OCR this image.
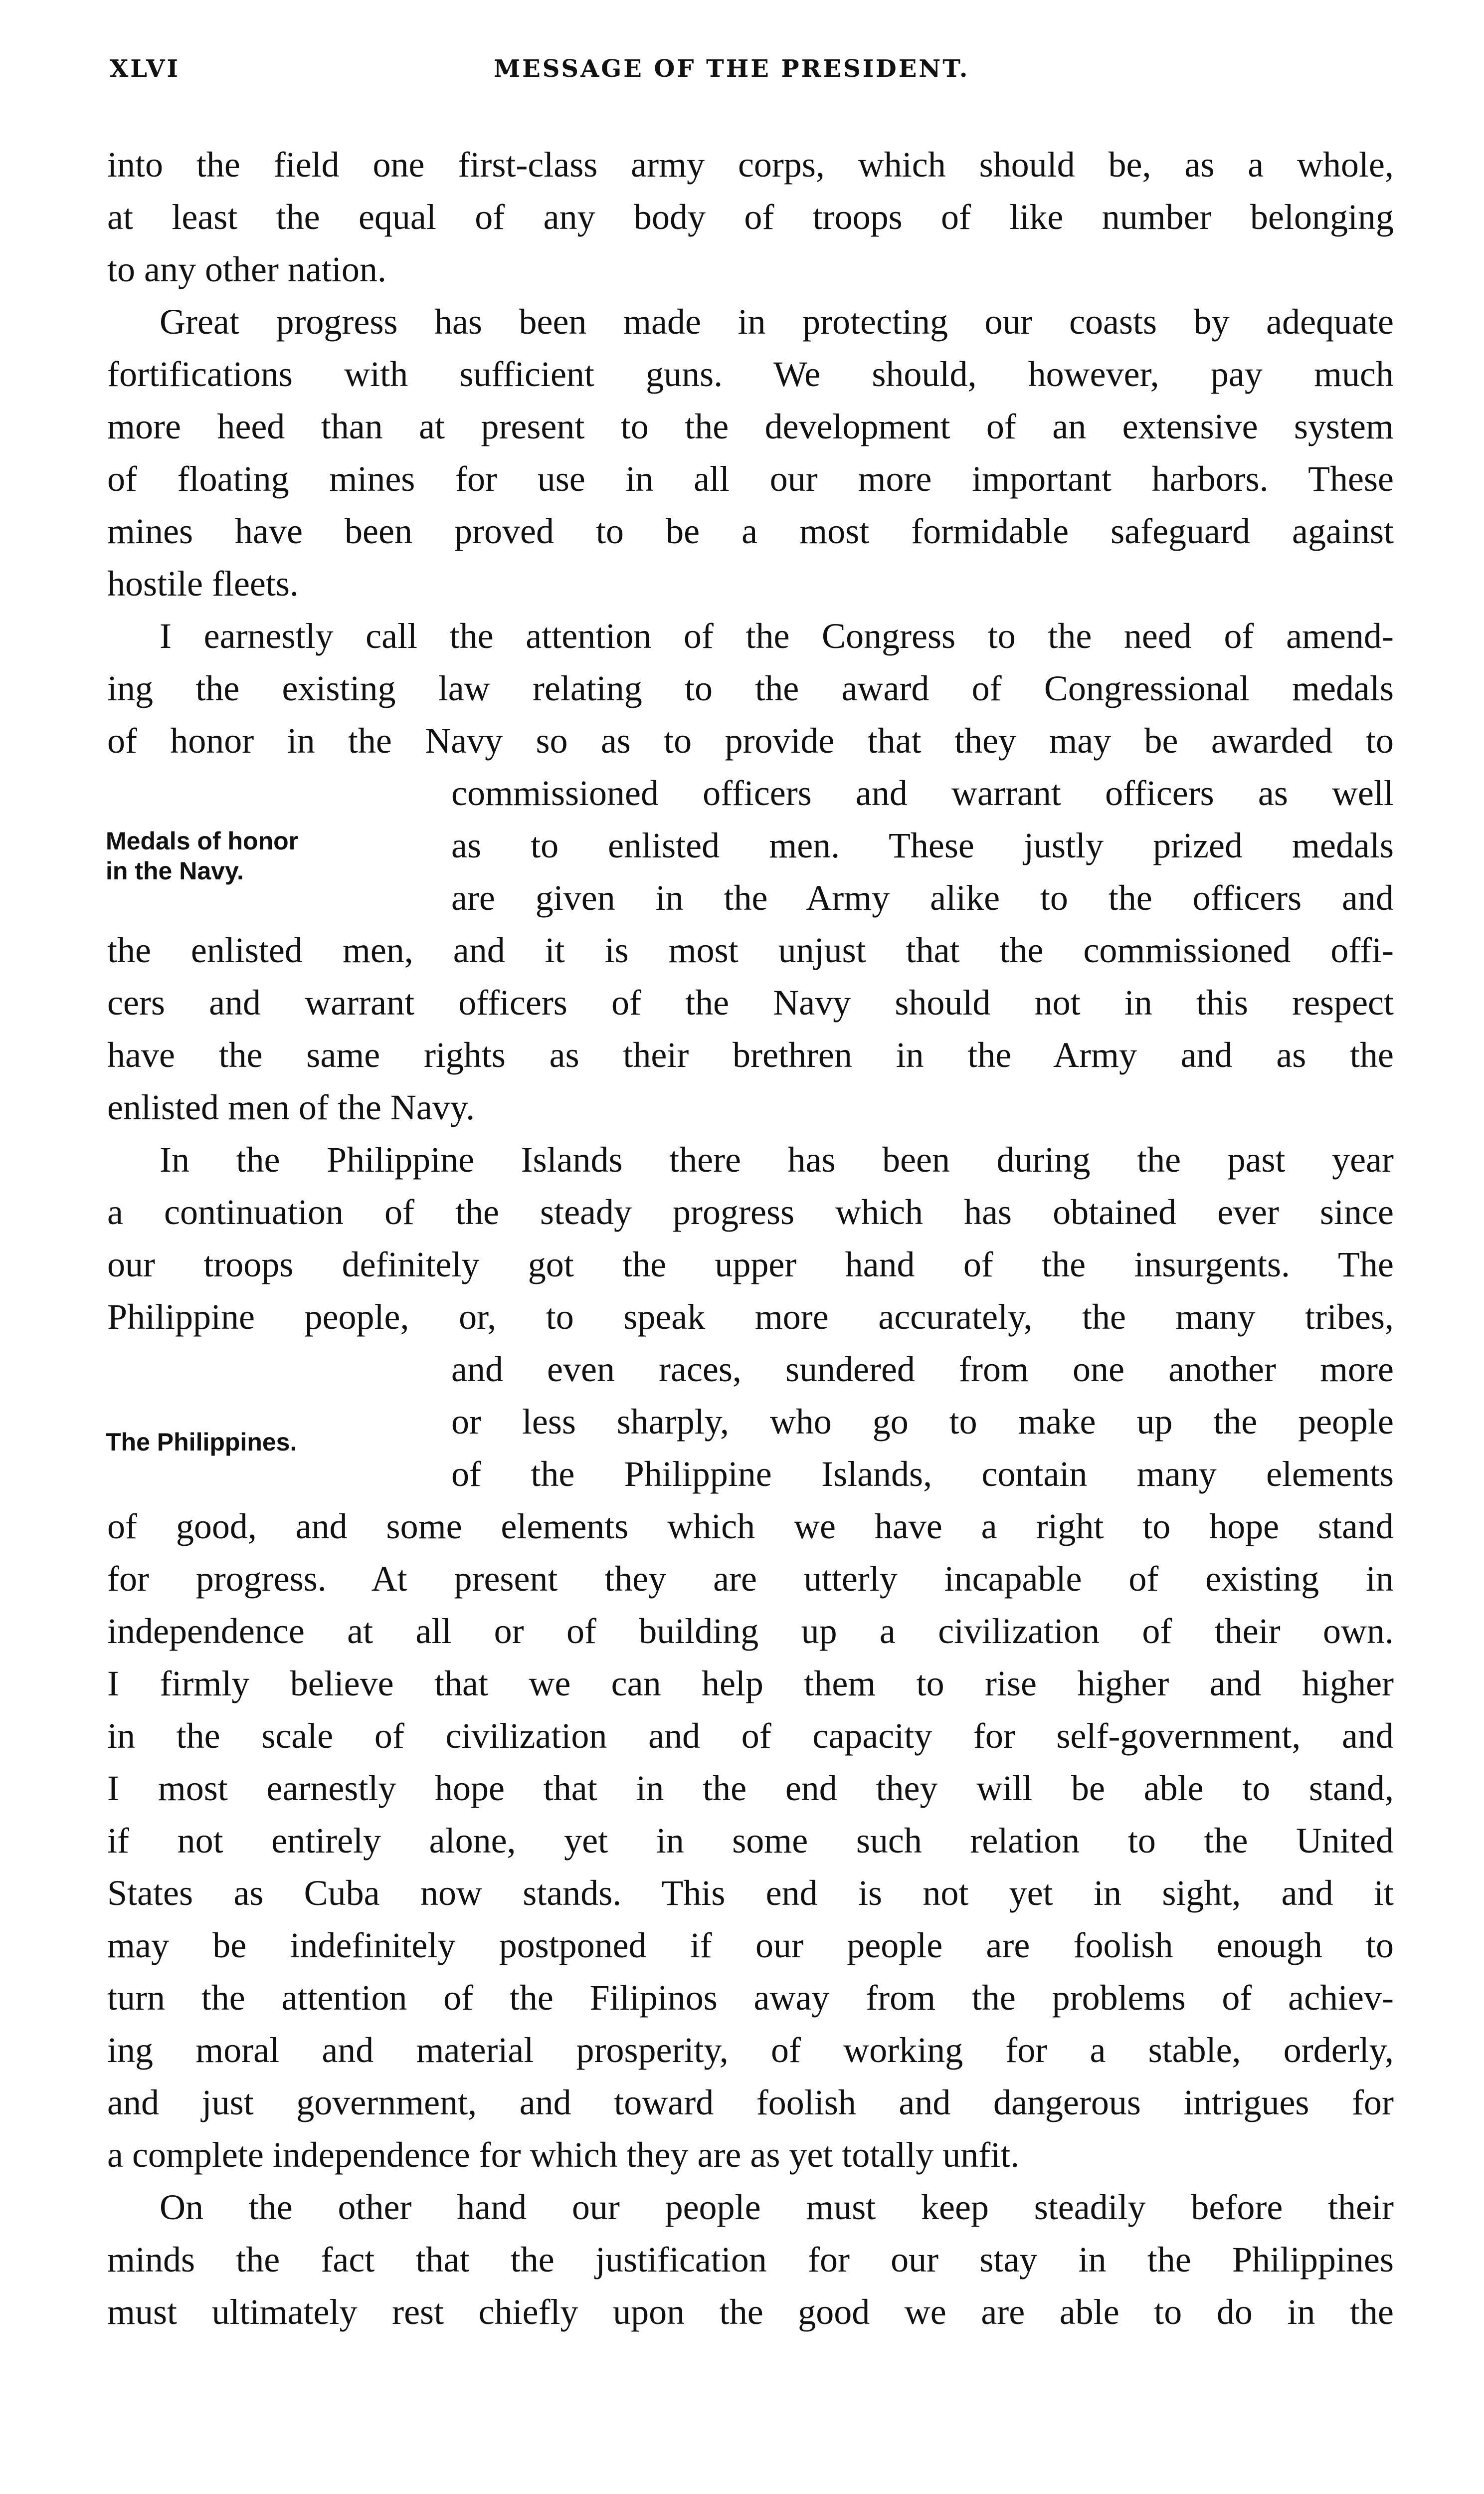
XLVI	MESSAGE OF THE PRESIDENT.
Medals of honor
in the Navy.
The Philippines.
into the field one first-class army corps, which should be, as a whole,
at least the equal of any body of troops of like number belonging
to any other nation.
Great progress has been made in protecting our coasts by adequate
fortifications with sufficient guns. We should, however, pay much
more heed than at present to the development of an extensive system
of floating mines for use in all our more important harbors. These
mines have been proved to be a most formidable safeguard against
hostile fleets.
I earnestly call the attention of the Congress to the need of amend-
ing the existing law relating to the award of Congressional medals
of honor in the Navy so as to provide that they may be awarded to
commissioned officers and warrant officers as well
as to enlisted men. These justly prized medals
are given in the Army alike to the officers and
the enlisted men, and it is most unjust that the commissioned offi-
cers and warrant officers of the Navy should not in this respect
have the same rights as their brethren in the Army and as the
enlisted men of the Navy.
In the Philippine Islands there has been during the past year
a continuation of the steady progress which has obtained ever since
our troops definitely got the upper hand of the insurgents. The
Philippine people, or, to speak more accurately, the many tribes,
and even races, sundered from one another more
or less sharply, who go to make up the people
of the Philippine Islands, contain many elements
of good, and some elements which we have a right to hope stand
for progress. At present they are utterly incapable of existing in
independence at all or of building up a civilization of their own.
I firmly believe that we can help them to rise higher and higher
in the scale of civilization and of capacity for self-government, and
I most earnestly hope that in the end they will be able to stand,
if not entirely alone, yet in some such relation to the United
States as Cuba now stands. This end is not yet in sight, and it
may be indefinitely postponed if our people are foolish enough to
turn the attention of the Filipinos away from the problems of achiev-
ing moral and material prosperity, of working for a stable, orderly,
and just government, and toward foolish and dangerous intrigues for
a complete independence for which they are as yet totally unfit.
On the other hand our people must keep steadily before their
minds the fact that the justification for our stay in the Philippines
must ultimately rest chiefly upon the good we are able to do in the
